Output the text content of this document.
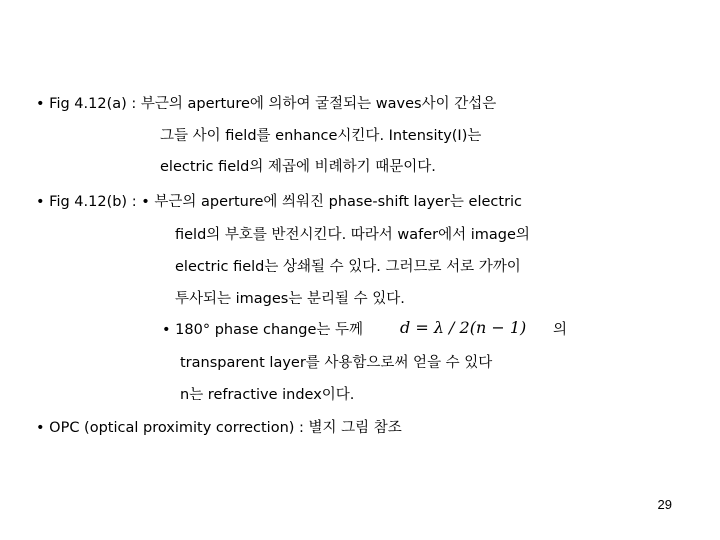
• Fig 4.12(a) : 부근의 aperture에 의하여 굴절되는 waves사이 간섭은
그들 사이 field를 enhance시킨다. Intensity(I)는
electric field의 제곱에 비례하기 때문이다.
• Fig 4.12(b) : • 부근의 aperture에 씌워진 phase-shift layer는 electric
field의 부호를 반전시킨다. 따라서 wafer에서 image의
electric field는 상쇄될 수 있다. 그러므로 서로 가까이
투사되는 images는 분리될 수 있다.
• 180° phase change는 두께 d = λ / 2(n − 1) 의
transparent layer를 사용함으로써 얻을 수 있다
n는 refractive index이다.
• OPC (optical proximity correction) : 별지 그림 참조
29
